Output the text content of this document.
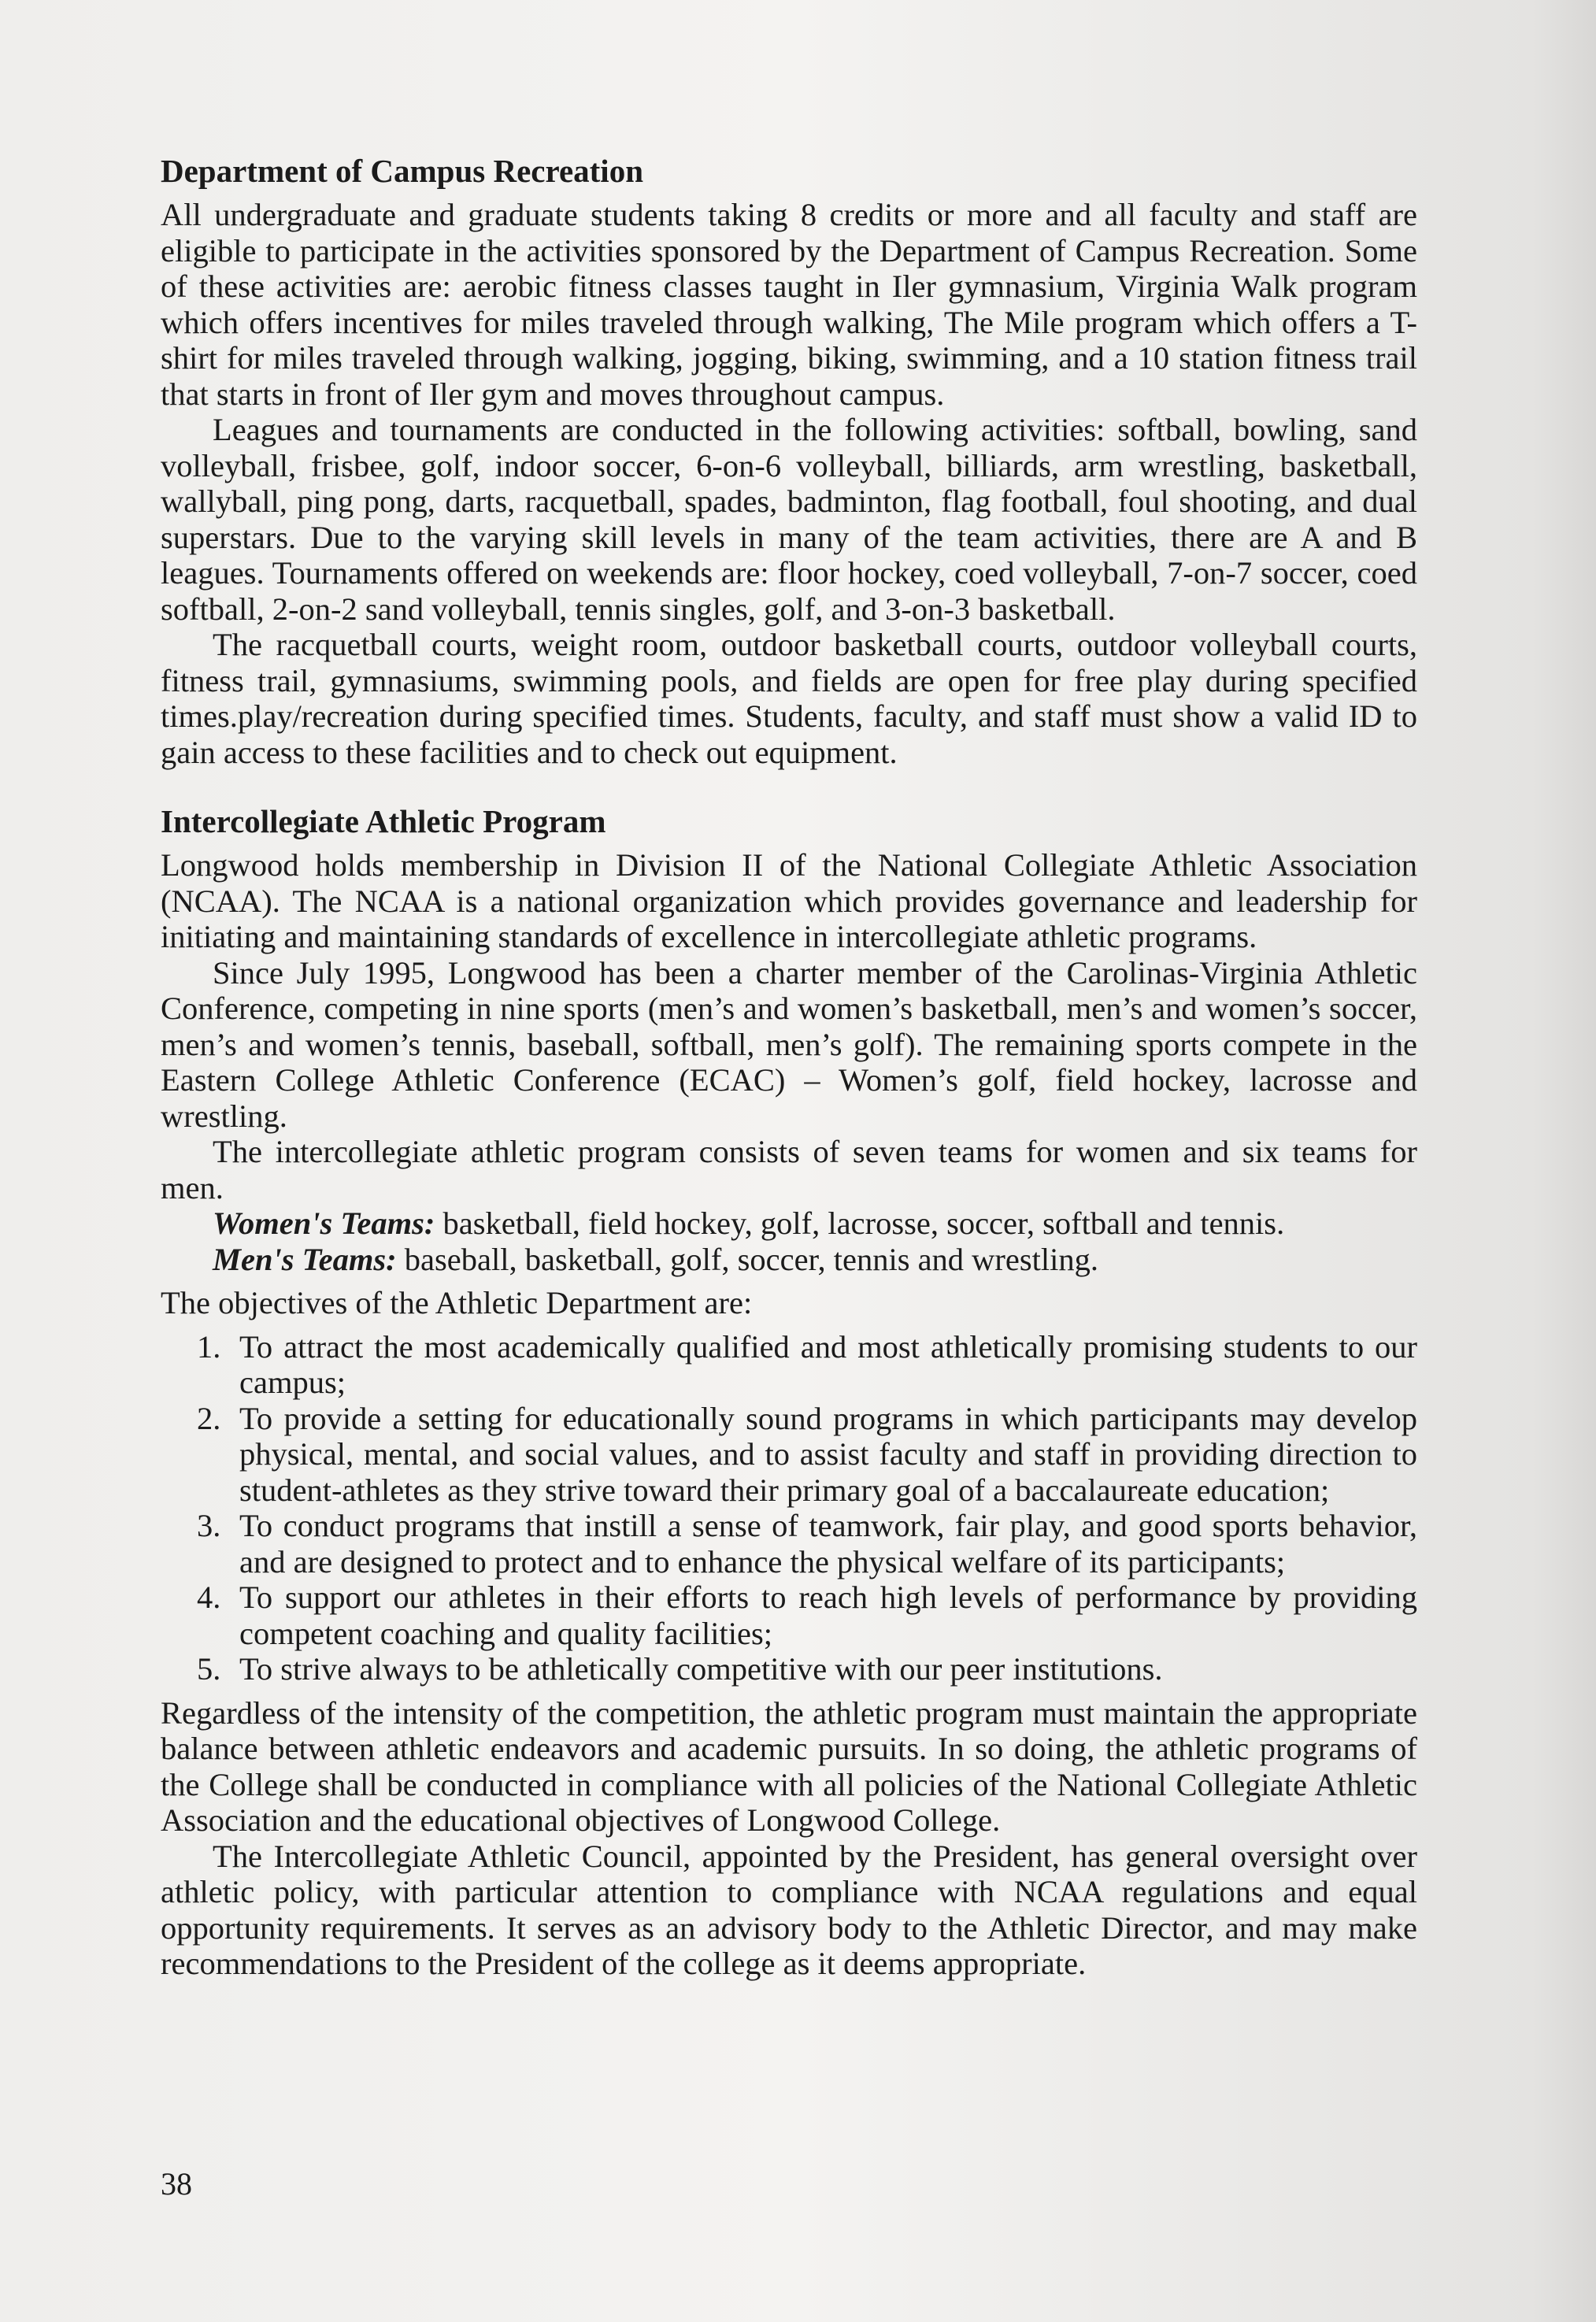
Department of Campus Recreation

All undergraduate and graduate students taking 8 credits or more and all faculty and staff are eligible to participate in the activities sponsored by the Department of Campus Recreation. Some of these activities are: aerobic fitness classes taught in Iler gymnasium, Virginia Walk program which offers incentives for miles traveled through walking, The Mile program which offers a T-shirt for miles traveled through walking, jogging, biking, swimming, and a 10 station fitness trail that starts in front of Iler gym and moves throughout campus.

Leagues and tournaments are conducted in the following activities: softball, bowling, sand volleyball, frisbee, golf, indoor soccer, 6-on-6 volleyball, billiards, arm wrestling, basketball, wallyball, ping pong, darts, racquetball, spades, badminton, flag football, foul shooting, and dual superstars. Due to the varying skill levels in many of the team activities, there are A and B leagues. Tournaments offered on weekends are: floor hockey, coed volleyball, 7-on-7 soccer, coed softball, 2-on-2 sand volleyball, tennis singles, golf, and 3-on-3 basketball.

The racquetball courts, weight room, outdoor basketball courts, outdoor volleyball courts, fitness trail, gymnasiums, swimming pools, and fields are open for free play during specified times.play/recreation during specified times. Students, faculty, and staff must show a valid ID to gain access to these facilities and to check out equipment.

Intercollegiate Athletic Program

Longwood holds membership in Division II of the National Collegiate Athletic Association (NCAA). The NCAA is a national organization which provides governance and leadership for initiating and maintaining standards of excellence in intercollegiate athletic programs.

Since July 1995, Longwood has been a charter member of the Carolinas-Virginia Athletic Conference, competing in nine sports (men’s and women’s basketball, men’s and women’s soccer, men’s and women’s tennis, baseball, softball, men’s golf). The remaining sports compete in the Eastern College Athletic Conference (ECAC) – Women’s golf, field hockey, lacrosse and wrestling.

The intercollegiate athletic program consists of seven teams for women and six teams for men.

Women's Teams: basketball, field hockey, golf, lacrosse, soccer, softball and tennis.

Men's Teams: baseball, basketball, golf, soccer, tennis and wrestling.

The objectives of the Athletic Department are:

1. To attract the most academically qualified and most athletically promising students to our campus;
2. To provide a setting for educationally sound programs in which participants may develop physical, mental, and social values, and to assist faculty and staff in providing direction to student-athletes as they strive toward their primary goal of a baccalaureate education;
3. To conduct programs that instill a sense of teamwork, fair play, and good sports behavior, and are designed to protect and to enhance the physical welfare of its participants;
4. To support our athletes in their efforts to reach high levels of performance by providing competent coaching and quality facilities;
5. To strive always to be athletically competitive with our peer institutions.

Regardless of the intensity of the competition, the athletic program must maintain the appropriate balance between athletic endeavors and academic pursuits. In so doing, the athletic programs of the College shall be conducted in compliance with all policies of the National Collegiate Athletic Association and the educational objectives of Longwood College.

The Intercollegiate Athletic Council, appointed by the President, has general oversight over athletic policy, with particular attention to compliance with NCAA regulations and equal opportunity requirements. It serves as an advisory body to the Athletic Director, and may make recommendations to the President of the college as it deems appropriate.

38
